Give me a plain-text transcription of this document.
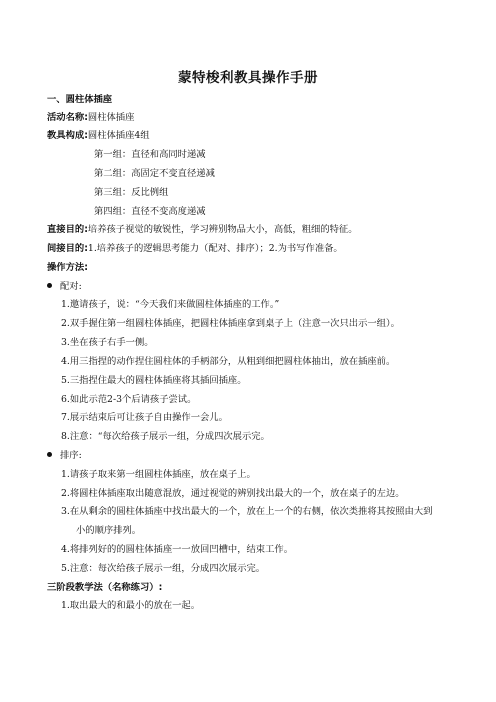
蒙特梭利教具操作手册
一、圆柱体插座
活动名称:圆柱体插座
教具构成:圆柱体插座4组
第一组：直径和高同时递减
第二组：高固定不变直径递减
第三组：反比例组
第四组：直径不变高度递减
直接目的:培养孩子视觉的敏锐性，学习辨别物品大小，高低，粗细的特征。
间接目的:1.培养孩子的逻辑思考能力（配对、排序）；2.为书写作准备。
操作方法:
配对:
1.邀请孩子，说：“今天我们来做圆柱体插座的工作。”
2.双手握住第一组圆柱体插座，把圆柱体插座拿到桌子上（注意一次只出示一组）。
3.坐在孩子右手一侧。
4.用三指捏的动作捏住圆柱体的手柄部分，从粗到细把圆柱体抽出，放在插座前。
5.三指捏住最大的圆柱体插座将其插回插座。
6.如此示范2-3个后请孩子尝试。
7.展示结束后可让孩子自由操作一会儿。
8.注意：“每次给孩子展示一组，分成四次展示完。
排序:
1.请孩子取来第一组圆柱体插座，放在桌子上。
2.将圆柱体插座取出随意混放，通过视觉的辨别找出最大的一个，放在桌子的左边。
3.在从剩余的圆柱体插座中找出最大的一个，放在上一个的右侧，依次类推将其按照由大到
小的顺序排列。
4.将排列好的的圆柱体插座一一放回凹槽中，结束工作。
5.注意：每次给孩子展示一组，分成四次展示完。
三阶段教学法（名称练习）:
1.取出最大的和最小的放在一起。
